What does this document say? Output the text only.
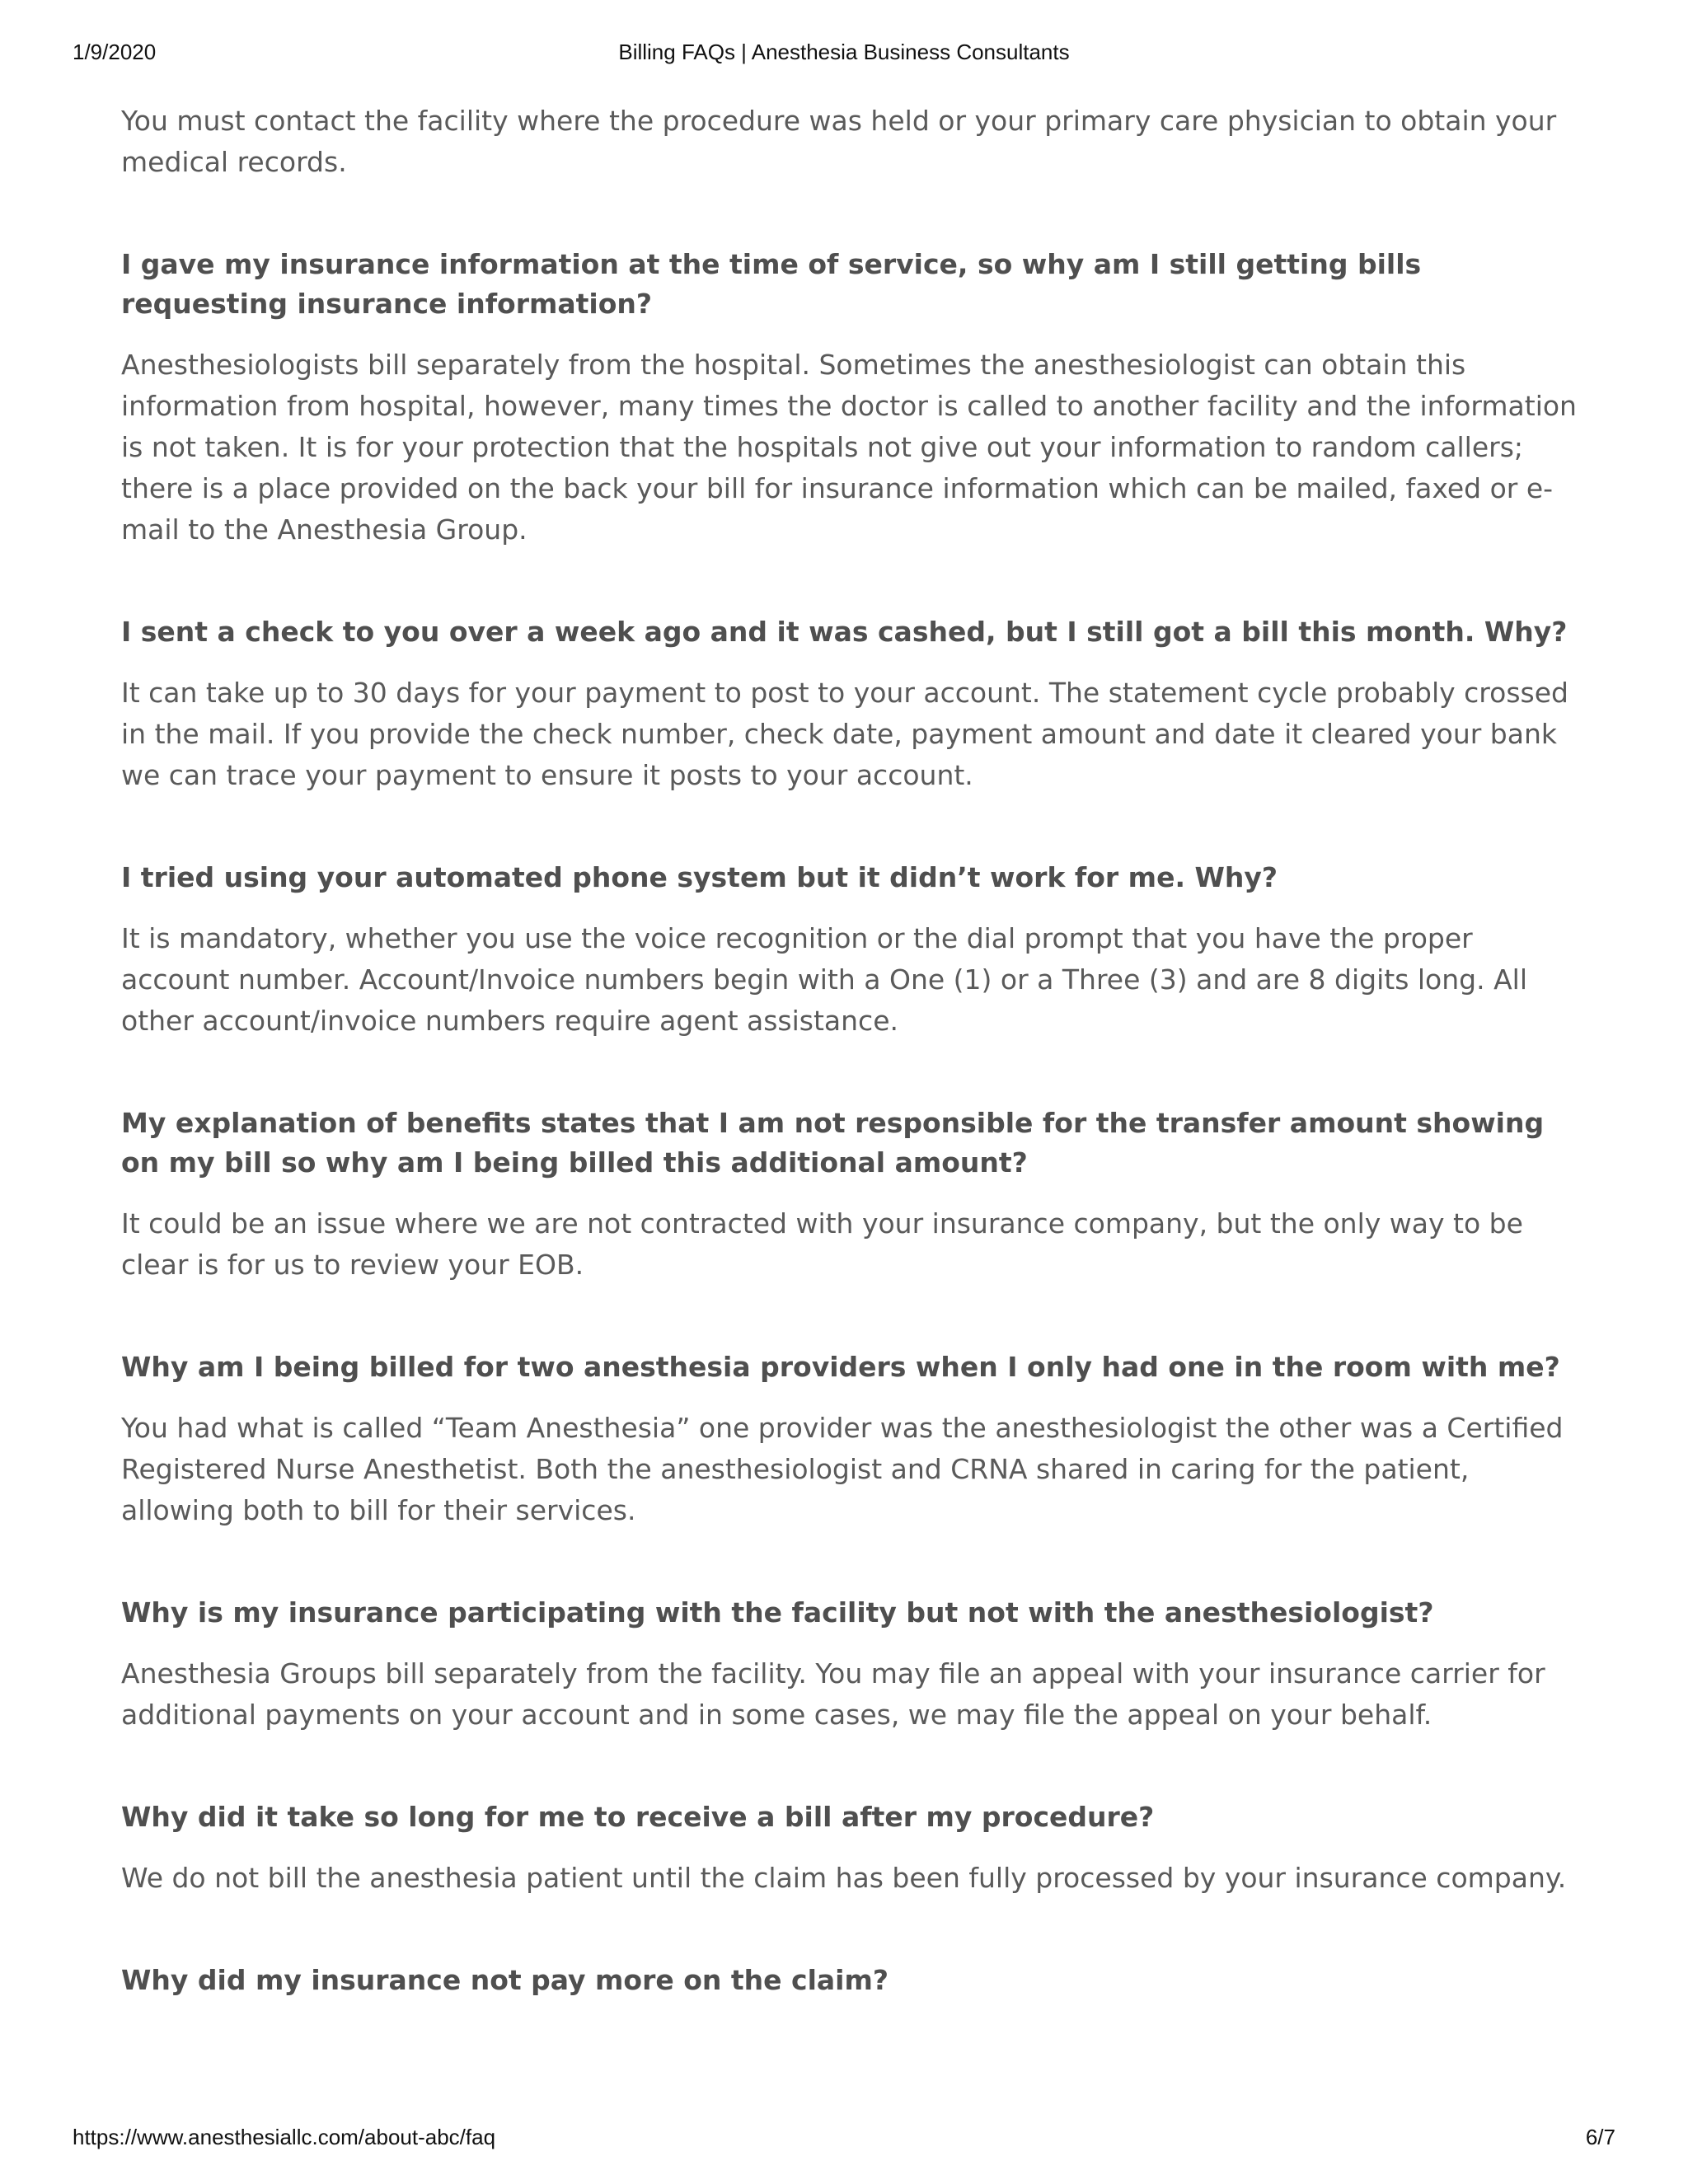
1/9/2020	Billing FAQs | Anesthesia Business Consultants

You must contact the facility where the procedure was held or your primary care physician to obtain your medical records.

I gave my insurance information at the time of service, so why am I still getting bills requesting insurance information?

Anesthesiologists bill separately from the hospital. Sometimes the anesthesiologist can obtain this information from hospital, however, many times the doctor is called to another facility and the information is not taken. It is for your protection that the hospitals not give out your information to random callers; there is a place provided on the back your bill for insurance information which can be mailed, faxed or e-mail to the Anesthesia Group.

I sent a check to you over a week ago and it was cashed, but I still got a bill this month. Why?

It can take up to 30 days for your payment to post to your account. The statement cycle probably crossed in the mail. If you provide the check number, check date, payment amount and date it cleared your bank we can trace your payment to ensure it posts to your account.

I tried using your automated phone system but it didn’t work for me. Why?

It is mandatory, whether you use the voice recognition or the dial prompt that you have the proper account number. Account/Invoice numbers begin with a One (1) or a Three (3) and are 8 digits long. All other account/invoice numbers require agent assistance.

My explanation of benefits states that I am not responsible for the transfer amount showing on my bill so why am I being billed this additional amount?

It could be an issue where we are not contracted with your insurance company, but the only way to be clear is for us to review your EOB.

Why am I being billed for two anesthesia providers when I only had one in the room with me?

You had what is called “Team Anesthesia” one provider was the anesthesiologist the other was a Certified Registered Nurse Anesthetist. Both the anesthesiologist and CRNA shared in caring for the patient, allowing both to bill for their services.

Why is my insurance participating with the facility but not with the anesthesiologist?

Anesthesia Groups bill separately from the facility. You may file an appeal with your insurance carrier for additional payments on your account and in some cases, we may file the appeal on your behalf.

Why did it take so long for me to receive a bill after my procedure?

We do not bill the anesthesia patient until the claim has been fully processed by your insurance company.

Why did my insurance not pay more on the claim?
https://www.anesthesiallc.com/about-abc/faq	6/7
